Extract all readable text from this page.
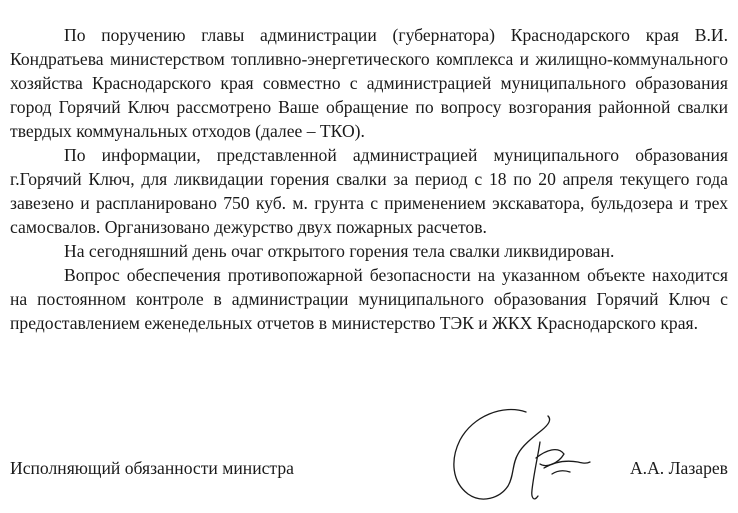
По поручению главы администрации (губернатора) Краснодарского края В.И. Кондратьева министерством топливно-энергетического комплекса и жилищно-коммунального хозяйства Краснодарского края совместно с администрацией муниципального образования город Горячий Ключ рассмотрено Ваше обращение по вопросу возгорания районной свалки твердых коммунальных отходов (далее – ТКО).

По информации, представленной администрацией муниципального образования г.Горячий Ключ, для ликвидации горения свалки за период с 18 по 20 апреля текущего года завезено и распланировано 750 куб. м. грунта с применением экскаватора, бульдозера и трех самосвалов. Организовано дежурство двух пожарных расчетов.

На сегодняшний день очаг открытого горения тела свалки ликвидирован.

Вопрос обеспечения противопожарной безопасности на указанном объекте находится на постоянном контроле в администрации муниципального образования Горячий Ключ с предоставлением еженедельных отчетов в министерство ТЭК и ЖКХ Краснодарского края.

Исполняющий обязанности министра	А.А. Лазарев
